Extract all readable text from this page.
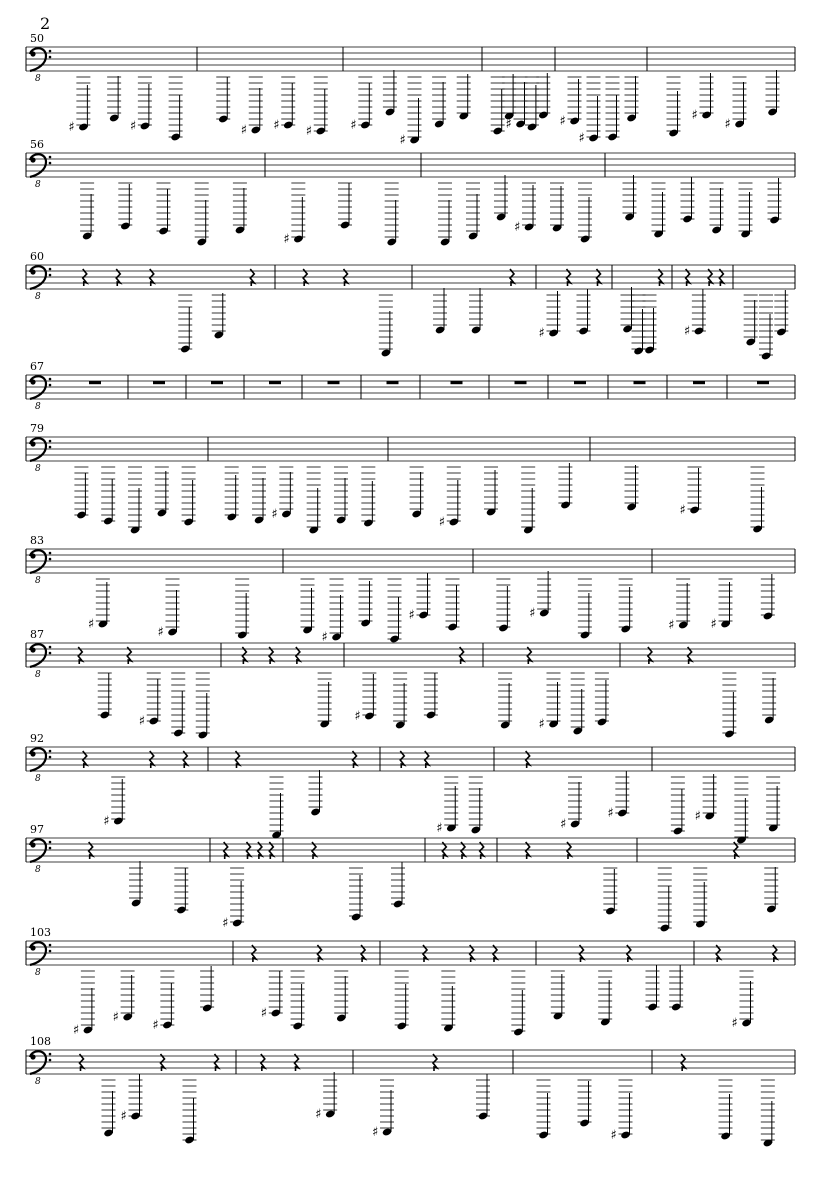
2
50
8
♯	♯	♯ ♯ ♯	♯
♯
♯	♯
♯
♯
♯
56
8
♯
♯
60
8
♯	♯
67
8
79
8
♯
♯
♯
83
8
♯
♯	♯
♯	♯
♯	♯
87
8
♯	♯
♯
92
8
♯	♯	♯
♯	♯
97
8
♯
103
8
♯
♯
♯
♯
♯
108
8
♯	♯
♯	♯
